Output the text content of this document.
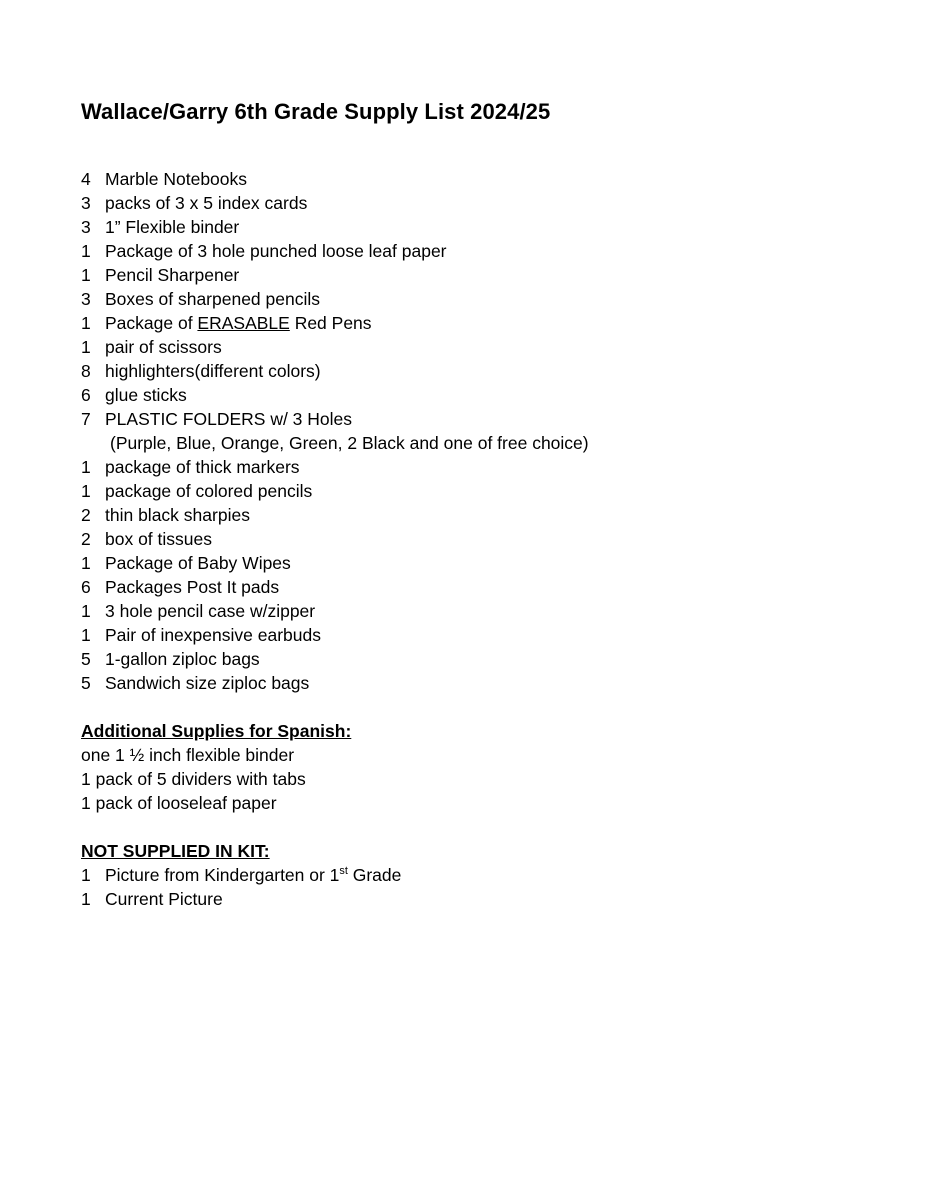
Wallace/Garry 6th Grade Supply List 2024/25
4 Marble Notebooks
3 packs of 3 x 5 index cards
3 1” Flexible binder
1 Package of 3 hole punched loose leaf paper
1 Pencil Sharpener
3 Boxes of sharpened pencils
1 Package of ERASABLE Red Pens
1 pair of scissors
8 highlighters(different colors)
6 glue sticks
7 PLASTIC FOLDERS w/ 3 Holes
(Purple, Blue, Orange, Green, 2 Black and one of free choice)
1 package of thick markers
1 package of colored pencils
2 thin black sharpies
2 box of tissues
1 Package of Baby Wipes
6 Packages Post It pads
1 3 hole pencil case w/zipper
1 Pair of inexpensive earbuds
5 1-gallon ziploc bags
5 Sandwich size ziploc bags
Additional Supplies for Spanish:
one 1 ½ inch flexible binder
1 pack of 5 dividers with tabs
1 pack of looseleaf paper
NOT SUPPLIED IN KIT:
1 Picture from Kindergarten or 1st Grade
1 Current Picture
